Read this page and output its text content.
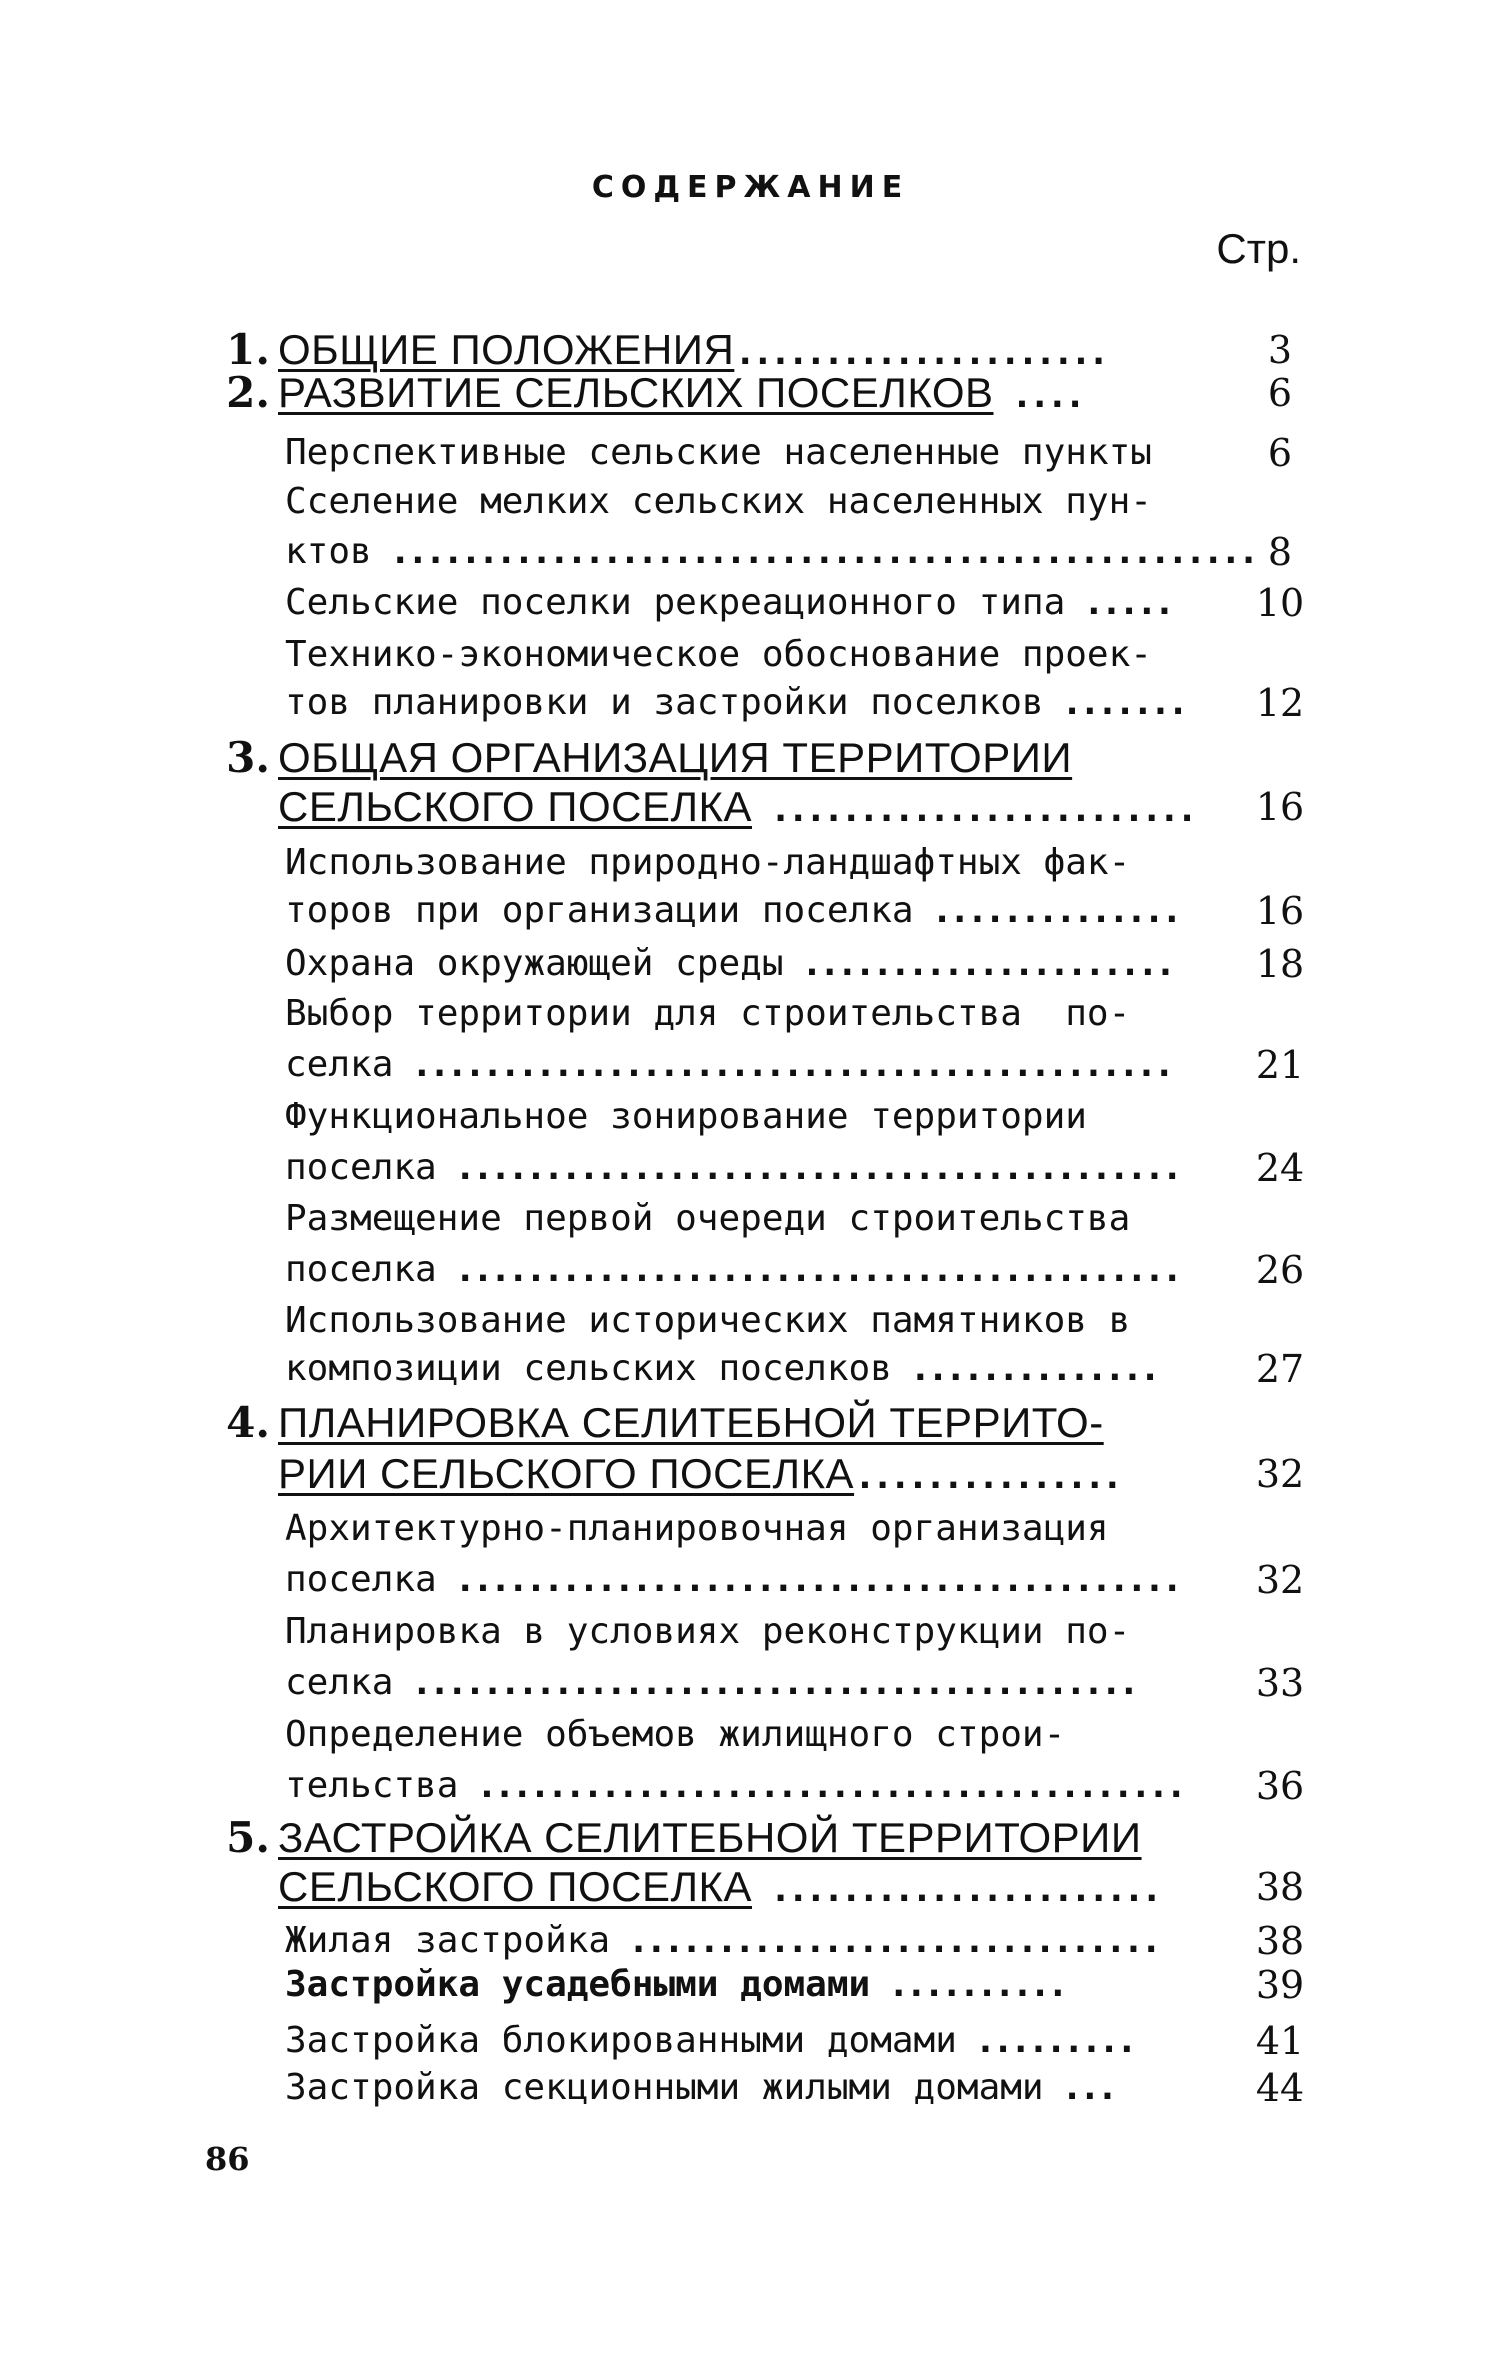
СОДЕРЖАНИЕ
Стр.
1. ОБЩИЕ ПОЛОЖЕНИЯ.....................	3
2. РАЗВИТИЕ СЕЛЬСКИХ ПОСЕЛКОВ ....	6
Перспективные сельские населенные пункты	6
Сселение мелких сельских населенных пун-
ктов ................................................. 8
Сельские поселки рекреационного типа ..... 10
Технико-экономическое обоснование проек-
тов планировки и застройки поселков ....... 12
3. ОБЩАЯ ОРГАНИЗАЦИЯ ТЕРРИТОРИИ
СЕЛЬСКОГО ПОСЕЛКА ........................ 16
Использование природно-ландшафтных фак-
торов при организации поселка .............. 16
Охрана окружающей среды ..................... 18
Выбор территории для строительства  по-
селка ........................................... 21
Функциональное зонирование территории
поселка ......................................... 24
Размещение первой очереди строительства
поселка ......................................... 26
Использование исторических памятников в
композиции сельских поселков ..............	27
4. ПЛАНИРОВКА СЕЛИТЕБНОЙ ТЕРРИТО-
РИИ СЕЛЬСКОГО ПОСЕЛКА...............	32
Архитектурно-планировочная организация
поселка ......................................... 32
Планировка в условиях реконструкции по-
селка .........................................	33
Определение объемов жилищного строи-
тельства ........................................ 36
5. ЗАСТРОЙКА СЕЛИТЕБНОЙ ТЕРРИТОРИИ
СЕЛЬСКОГО ПОСЕЛКА ......................	38
Жилая застройка ..............................	38
Застройка усадебными домами ..........	39
Застройка блокированными домами .........	41
Застройка секционными жилыми домами ...	44
86
